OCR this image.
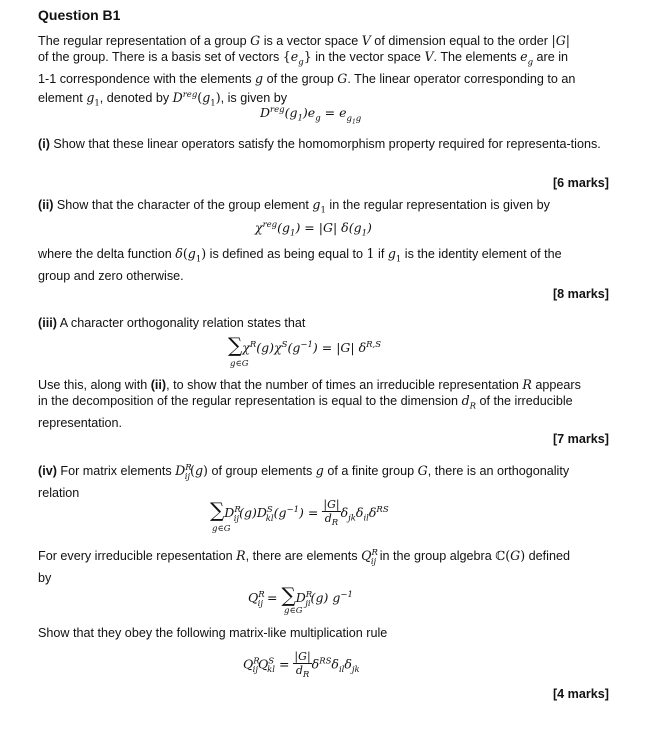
Question B1
The regular representation of a group G is a vector space V of dimension equal to the order |G|
of the group. There is a basis set of vectors $\{e_g\}$ in the vector space V. The elements $e_g$ are in
1-1 correspondence with the elements g of the group G. The linear operator corresponding to an
element $g_1$, denoted by $D^{reg}(g_1)$, is given by
$D^{reg}(g_1)e_g = e_{g_1g}$
(i) Show that these linear operators satisfy the homomorphism property required for representa-tions.
[6 marks]
(ii) Show that the character of the group element $g_1$ in the regular representation is given by
$\chi^{reg}(g_1) = |G|$ $\delta(g_1)$
where the delta function $\delta(g_1)$ is defined as being equal to 1 if $g_1$ is the identity element of the
group and zero otherwise.
[8 marks]
(iii) A character orthogonality relation states that
$\sum\chi^R(g)\chi^S(g^{-1}) = |G|$ $\delta^{R,S}$
g∈G
Use this, along with (ii), to show that the number of times an irreducible representation R appears
in the decomposition of the regular representation is equal to the dimension $d_R$ of the irreducible
representation.
[7 marks]
(iv) For matrix elements $D^R_{ij}(g)$ of group elements g of a finite group G, there is an orthogonality
relation
$\sum D^R_{ij}(g)D^S_{kl}(g^{-1}) = \frac{|G|}{d_R} \delta_{jk}\delta_{il}\delta^{RS}$
g∈G
For every irreducible repesentation R, there are elements $Q^R_{ij}$ in the group algebra ℂ(G) defined
by
$Q^R_{ij} = \sum D^R_{ji}(g)$ $g^{-1}$
g∈G
Show that they obey the following matrix-like multiplication rule
$Q^R_{ij}Q^S_{kl} = \frac{|G|}{d_R} \delta^{RS}\delta_{il}\delta_{jk}$
[4 marks]
